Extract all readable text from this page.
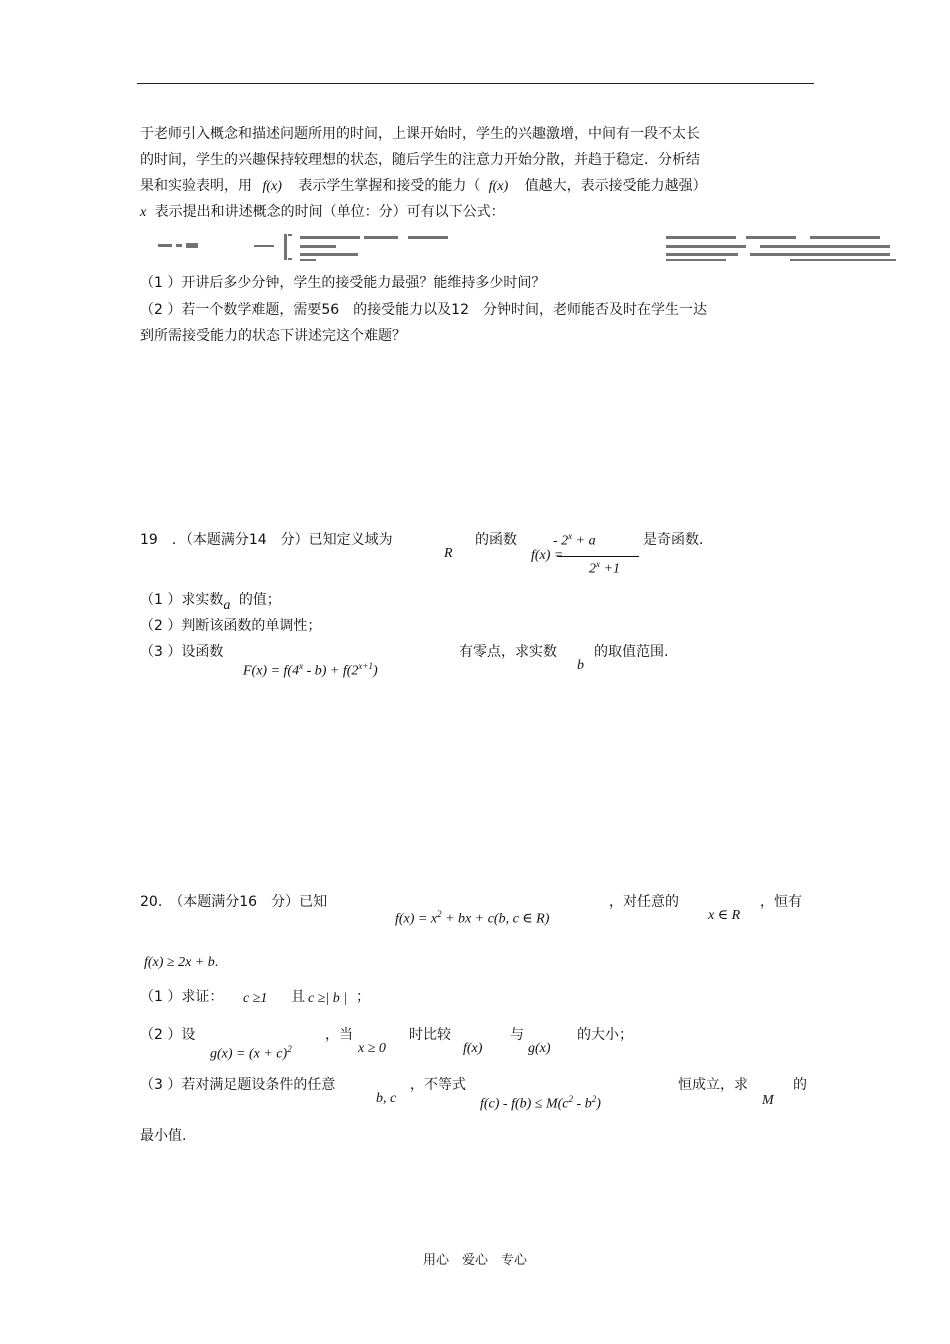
于老师引入概念和描述问题所用的时间，上课开始时，学生的兴趣激增，中间有一段不太长
的时间，学生的兴趣保持较理想的状态，随后学生的注意力开始分散，并趋于稳定．分析结
果和实验表明，用 f(x) 表示学生掌握和接受的能力（ f(x) 值越大，表示接受能力越强）
x 表示提出和讲述概念的时间（单位：分）可有以下公式：
（1 ）开讲后多少分钟，学生的接受能力最强？能维持多少时间？
（2 ）若一个数学难题，需要56　的接受能力以及12　分钟时间，老师能否及时在学生一达
到所需接受能力的状态下讲述完这个难题？
19　．（本题满分14　分）已知定义域为
R
的函数
f(x) =
- $2^x + a$
$2^x +1$
是奇函数．
（1 ）求实数a 的值；
（2 ）判断该函数的单调性；
（3 ）设函数
$F(x) = f(4^x - b) + f(2^{x+1})$
有零点，求实数
b
的取值范围.
20.　（本题满分16　分）已知
$f(x) = x^2$ + bx + c(b, c ∈ R)
，对任意的
x ∈ R
，恒有
f(x) ≥ 2x + b.
（1 ）求证： c ≥1 且 c ≥| b | ；
（2 ）设
$g(x) = (x + c)^2$
，当
x ≥ 0
时比较
f(x)
与
g(x)
的大小；
（3 ）若对满足题设条件的任意
b, c
，不等式
$f(c) - f(b) \le M(c^2 - b^2)$
恒成立，求
M
的
最小值.
用心　爱心　专心
